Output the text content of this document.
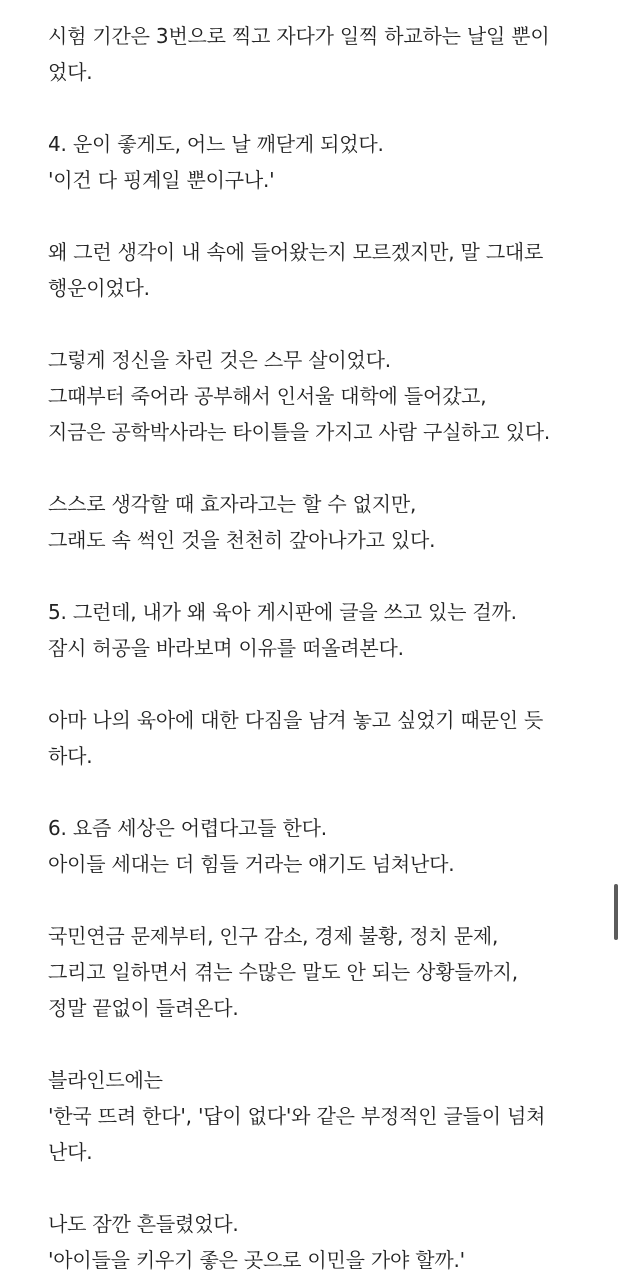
시험 기간은 3번으로 찍고 자다가 일찍 하교하는 날일 뿐이
었다.
4. 운이 좋게도, 어느 날 깨닫게 되었다.
'이건 다 핑계일 뿐이구나.'
왜 그런 생각이 내 속에 들어왔는지 모르겠지만, 말 그대로
행운이었다.
그렇게 정신을 차린 것은 스무 살이었다.
그때부터 죽어라 공부해서 인서울 대학에 들어갔고,
지금은 공학박사라는 타이틀을 가지고 사람 구실하고 있다.
스스로 생각할 때 효자라고는 할 수 없지만,
그래도 속 썩인 것을 천천히 갚아나가고 있다.
5. 그런데, 내가 왜 육아 게시판에 글을 쓰고 있는 걸까.
잠시 허공을 바라보며 이유를 떠올려본다.
아마 나의 육아에 대한 다짐을 남겨 놓고 싶었기 때문인 듯
하다.
6. 요즘 세상은 어렵다고들 한다.
아이들 세대는 더 힘들 거라는 얘기도 넘쳐난다.
국민연금 문제부터, 인구 감소, 경제 불황, 정치 문제,
그리고 일하면서 겪는 수많은 말도 안 되는 상황들까지,
정말 끝없이 들려온다.
블라인드에는
'한국 뜨려 한다', '답이 없다'와 같은 부정적인 글들이 넘쳐
난다.
나도 잠깐 흔들렸었다.
'아이들을 키우기 좋은 곳으로 이민을 가야 할까.'
